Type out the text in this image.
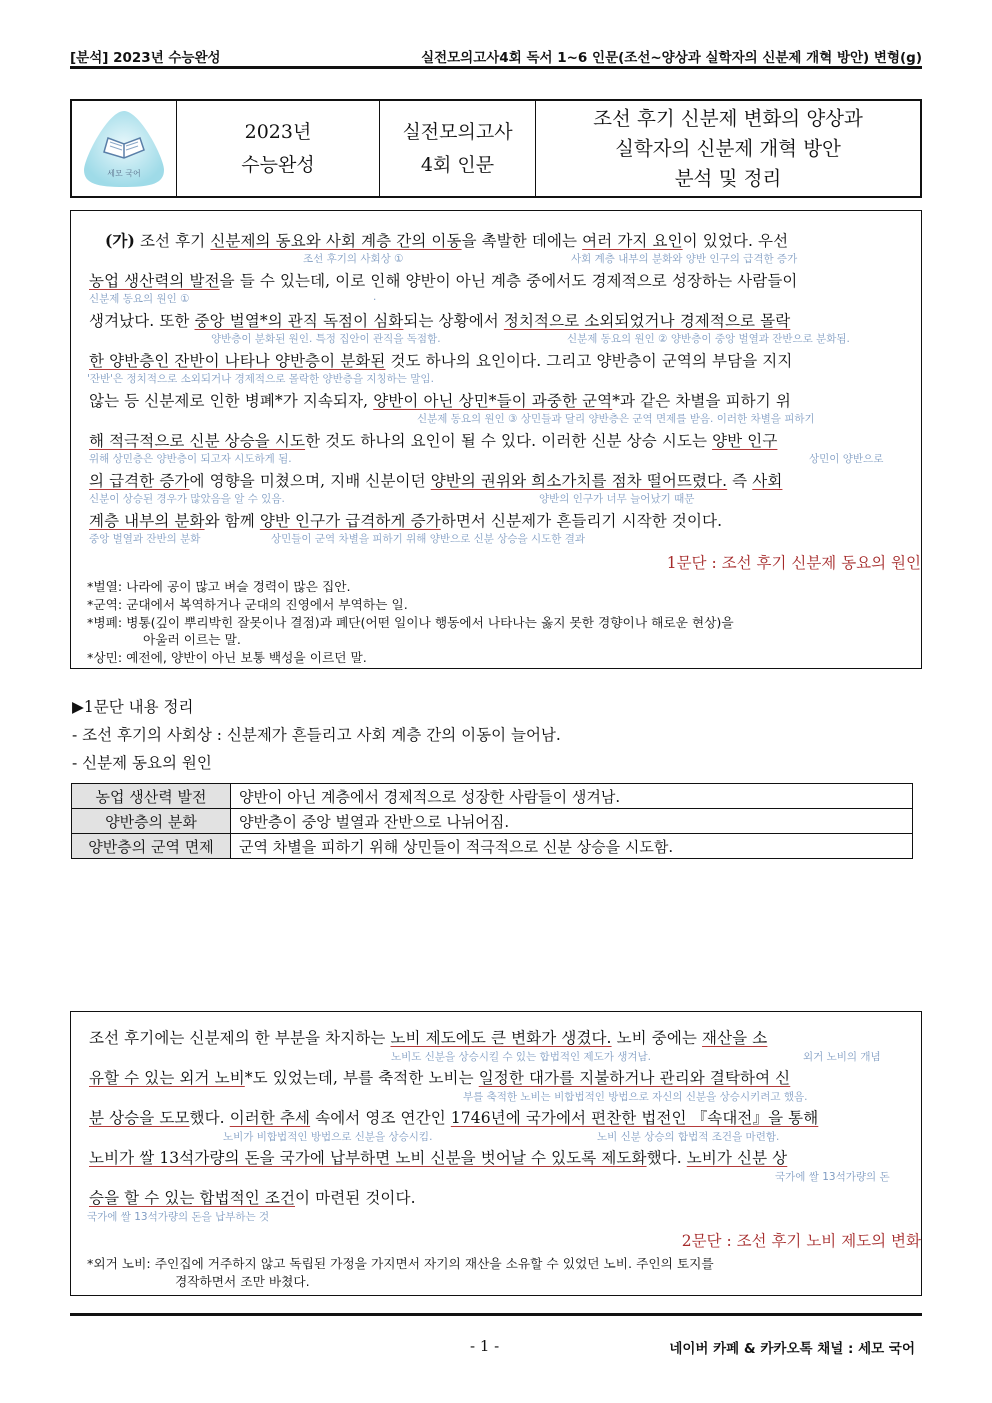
[분석] 2023년 수능완성	실전모의고사4회 독서 1~6 인문(조선~양상과 실학자의 신분제 개혁 방안) 변형(g)
세모 국어
2023년
수능완성
실전모의고사
4회 인문
조선 후기 신분제 변화의 양상과
실학자의 신분제 개혁 방안
분석 및 정리
(가) 조선 후기 신분제의 동요와 사회 계층 간의 이동을 촉발한 데에는 여러 가지 요인이 있었다. 우선
조선 후기의 사회상 ①	사회 계층 내부의 분화와 양반 인구의 급격한 증가
농업 생산력의 발전을 들 수 있는데, 이로 인해 양반이 아닌 계층 중에서도 경제적으로 성장하는 사람들이
신분제 동요의 원인 ①	.
생겨났다. 또한 중앙 벌열*의 관직 독점이 심화되는 상황에서 정치적으로 소외되었거나 경제적으로 몰락
양반층이 분화된 원인. 특정 집안이 관직을 독점함.	신분제 동요의 원인 ② 양반층이 중앙 벌열과 잔반으로 분화됨.
한 양반층인 잔반이 나타나 양반층이 분화된 것도 하나의 요인이다. 그리고 양반층이 군역의 부담을 지지
'잔반'은 정치적으로 소외되거나 경제적으로 몰락한 양반층을 지칭하는 말임.
않는 등 신분제로 인한 병폐*가 지속되자, 양반이 아닌 상민*들이 과중한 군역*과 같은 차별을 피하기 위
신분제 동요의 원인 ③ 상민들과 달리 양반층은 군역 면제를 받음. 이러한 차별을 피하기
해 적극적으로 신분 상승을 시도한 것도 하나의 요인이 될 수 있다. 이러한 신분 상승 시도는 양반 인구
위해 상민층은 양반층이 되고자 시도하게 됨.	상민이 양반으로
의 급격한 증가에 영향을 미쳤으며, 지배 신분이던 양반의 권위와 희소가치를 점차 떨어뜨렸다. 즉 사회
신분이 상승된 경우가 많았음을 알 수 있음.	양반의 인구가 너무 늘어났기 때문
계층 내부의 분화와 함께 양반 인구가 급격하게 증가하면서 신분제가 흔들리기 시작한 것이다.
중앙 벌열과 잔반의 분화	상민들이 군역 차별을 피하기 위해 양반으로 신분 상승을 시도한 결과
1문단 : 조선 후기 신분제 동요의 원인
*벌열: 나라에 공이 많고 벼슬 경력이 많은 집안.
*군역: 군대에서 복역하거나 군대의 진영에서 부역하는 일.
*병폐: 병통(깊이 뿌리박힌 잘못이나 결점)과 폐단(어떤 일이나 행동에서 나타나는 옳지 못한 경향이나 해로운 현상)을
아울러 이르는 말.
*상민: 예전에, 양반이 아닌 보통 백성을 이르던 말.
▶1문단 내용 정리
- 조선 후기의 사회상 : 신분제가 흔들리고 사회 계층 간의 이동이 늘어남.
- 신분제 동요의 원인
농업 생산력 발전	양반이 아닌 계층에서 경제적으로 성장한 사람들이 생겨남.
양반층의 분화	양반층이 중앙 벌열과 잔반으로 나뉘어짐.
양반층의 군역 면제	군역 차별을 피하기 위해 상민들이 적극적으로 신분 상승을 시도함.
조선 후기에는 신분제의 한 부분을 차지하는 노비 제도에도 큰 변화가 생겼다. 노비 중에는 재산을 소
노비도 신분을 상승시킬 수 있는 합법적인 제도가 생겨남.	외거 노비의 개념
유할 수 있는 외거 노비*도 있었는데, 부를 축적한 노비는 일정한 대가를 지불하거나 관리와 결탁하여 신
부를 축적한 노비는 비합법적인 방법으로 자신의 신분을 상승시키려고 했음.
분 상승을 도모했다. 이러한 추세 속에서 영조 연간인 1746년에 국가에서 편찬한 법전인 『속대전』을 통해
노비가 비합법적인 방법으로 신분을 상승시킴.	노비 신분 상승의 합법적 조건을 마련함.
노비가 쌀 13석가량의 돈을 국가에 납부하면 노비 신분을 벗어날 수 있도록 제도화했다. 노비가 신분 상
국가에 쌀 13석가량의 돈
승을 할 수 있는 합법적인 조건이 마련된 것이다.
국가에 쌀 13석가량의 돈을 납부하는 것
2문단 : 조선 후기 노비 제도의 변화
*외거 노비: 주인집에 거주하지 않고 독립된 가정을 가지면서 자기의 재산을 소유할 수 있었던 노비. 주인의 토지를
경작하면서 조만 바쳤다.
- 1 -	네이버 카페 & 카카오톡 채널 : 세모 국어
